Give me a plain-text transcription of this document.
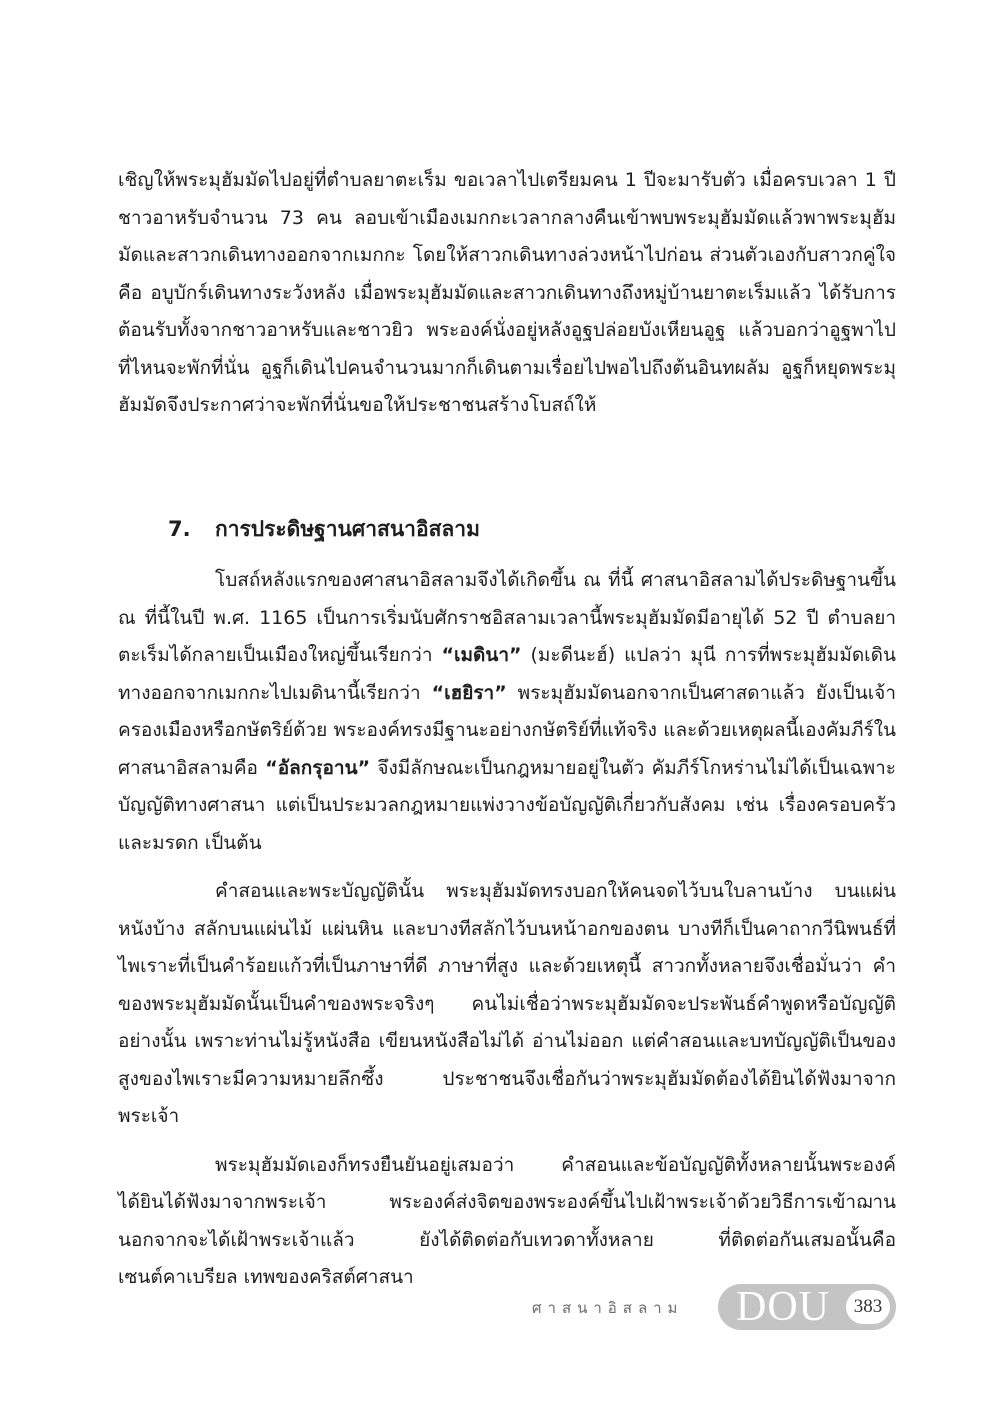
เชิญให้พระมุฮัมมัดไปอยู่ที่ตำบลยาตะเร็ม ขอเวลาไปเตรียมคน 1 ปีจะมารับตัว เมื่อครบเวลา 1 ปี ชาวอาหรับจำนวน 73 คน ลอบเข้าเมืองเมกกะเวลากลางคืนเข้าพบพระมุฮัมมัดแล้วพาพระมุฮัมมัดและสาวกเดินทางออกจากเมกกะ โดยให้สาวกเดินทางล่วงหน้าไปก่อน ส่วนตัวเองกับสาวกคู่ใจคือ อบูบักร์เดินทางระวังหลัง เมื่อพระมุฮัมมัดและสาวกเดินทางถึงหมู่บ้านยาตะเร็มแล้ว ได้รับการต้อนรับทั้งจากชาวอาหรับและชาวยิว พระองค์นั่งอยู่หลังอูฐปล่อยบังเหียนอูฐ แล้วบอกว่าอูฐพาไปที่ไหนจะพักที่นั่น อูฐก็เดินไปคนจำนวนมากก็เดินตามเรื่อยไปพอไปถึงต้นอินทผลัม อูฐก็หยุดพระมุฮัมมัดจึงประกาศว่าจะพักที่นั่นขอให้ประชาชนสร้างโบสถ์ให้

7. การประดิษฐานศาสนาอิสลาม

โบสถ์หลังแรกของศาสนาอิสลามจึงได้เกิดขึ้น ณ ที่นี้ ศาสนาอิสลามได้ประดิษฐานขึ้น ณ ที่นี้ในปี พ.ศ. 1165 เป็นการเริ่มนับศักราชอิสลามเวลานี้พระมุฮัมมัดมีอายุได้ 52 ปี ตำบลยาตะเร็มได้กลายเป็นเมืองใหญ่ขึ้นเรียกว่า “เมดินา” (มะดีนะฮ์) แปลว่า มุนี การที่พระมุฮัมมัดเดินทางออกจากเมกกะไปเมดินานี้เรียกว่า “เฮยิรา” พระมุฮัมมัดนอกจากเป็นศาสดาแล้ว ยังเป็นเจ้าครองเมืองหรือกษัตริย์ด้วย พระองค์ทรงมีฐานะอย่างกษัตริย์ที่แท้จริง และด้วยเหตุผลนี้เองคัมภีร์ในศาสนาอิสลามคือ “อัลกรุอาน” จึงมีลักษณะเป็นกฎหมายอยู่ในตัว คัมภีร์โกหร่านไม่ได้เป็นเฉพาะบัญญัติทางศาสนา แต่เป็นประมวลกฎหมายแพ่งวางข้อบัญญัติเกี่ยวกับสังคม เช่น เรื่องครอบครัวและมรดก เป็นต้น

คำสอนและพระบัญญัตินั้น พระมุฮัมมัดทรงบอกให้คนจดไว้บนใบลานบ้าง บนแผ่นหนังบ้าง สลักบนแผ่นไม้ แผ่นหิน และบางทีสลักไว้บนหน้าอกของตน บางทีก็เป็นคาถากวีนิพนธ์ที่ไพเราะที่เป็นคำร้อยแก้วที่เป็นภาษาที่ดี ภาษาที่สูง และด้วยเหตุนี้ สาวกทั้งหลายจึงเชื่อมั่นว่า คำของพระมุฮัมมัดนั้นเป็นคำของพระจริงๆ คนไม่เชื่อว่าพระมุฮัมมัดจะประพันธ์คำพูดหรือบัญญัติอย่างนั้น เพราะท่านไม่รู้หนังสือ เขียนหนังสือไม่ได้ อ่านไม่ออก แต่คำสอนและบทบัญญัติเป็นของสูงของไพเราะมีความหมายลึกซึ้ง ประชาชนจึงเชื่อกันว่าพระมุฮัมมัดต้องได้ยินได้ฟังมาจากพระเจ้า

พระมุฮัมมัดเองก็ทรงยืนยันอยู่เสมอว่า คำสอนและข้อบัญญัติทั้งหลายนั้นพระองค์ได้ยินได้ฟังมาจากพระเจ้า พระองค์ส่งจิตของพระองค์ขึ้นไปเฝ้าพระเจ้าด้วยวิธีการเข้าฌาน นอกจากจะได้เฝ้าพระเจ้าแล้ว ยังได้ติดต่อกับเทวดาทั้งหลาย ที่ติดต่อกันเสมอนั้นคือ เซนต์คาเบรียล เทพของคริสต์ศาสนา

ศาสนาอิสลาม DOU	383
